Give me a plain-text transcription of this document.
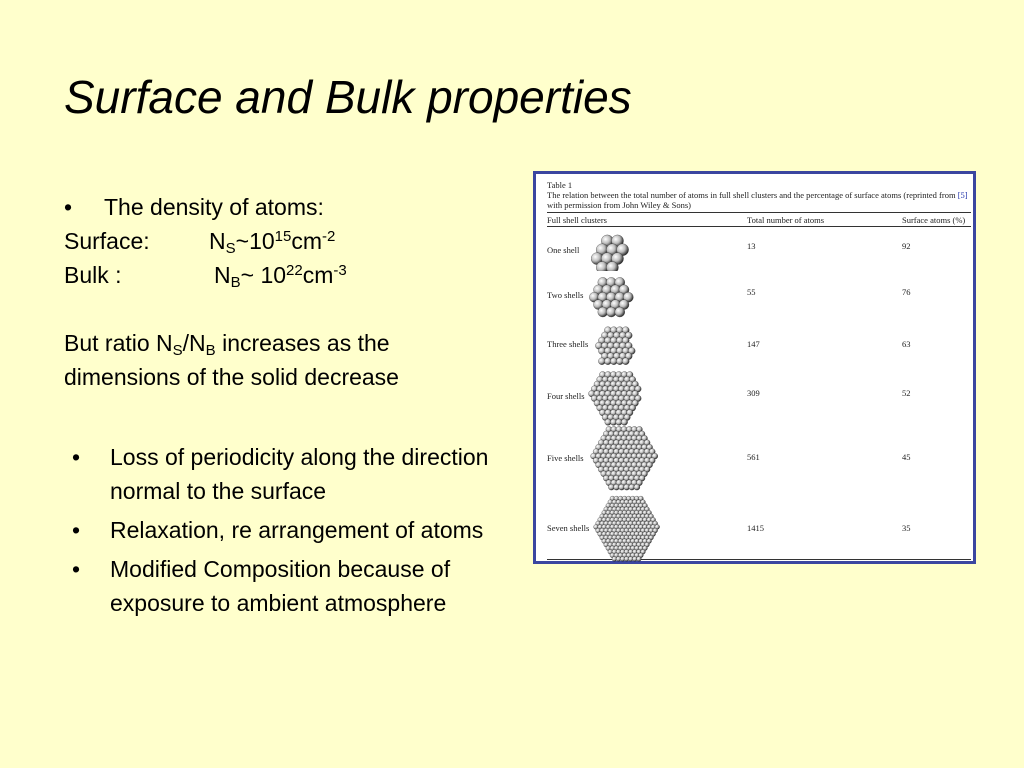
Surface and Bulk properties
• The density of atoms:
Surface:	$N_S\sim 10^{15}cm^{-2}$
Bulk :	$N_B\sim$ $10^{22}cm^{-3}$
But ratio $N_S/N_B$ increases as the
dimensions of the solid decrease
• Loss of periodicity along the direction normal to the surface
• Relaxation, re arrangement of atoms
• Modified Composition because of exposure to ambient atmosphere
Table 1
The relation between the total number of atoms in full shell clusters and the percentage of surface atoms (reprinted from [5] with permission from John Wiley & Sons)
Full shell clusters	Total number of atoms	Surface atoms (%)
One shell	13	92
Two shells	55	76
Three shells	147	63
Four shells	309	52
Five shells	561	45
Seven shells	1415	35
